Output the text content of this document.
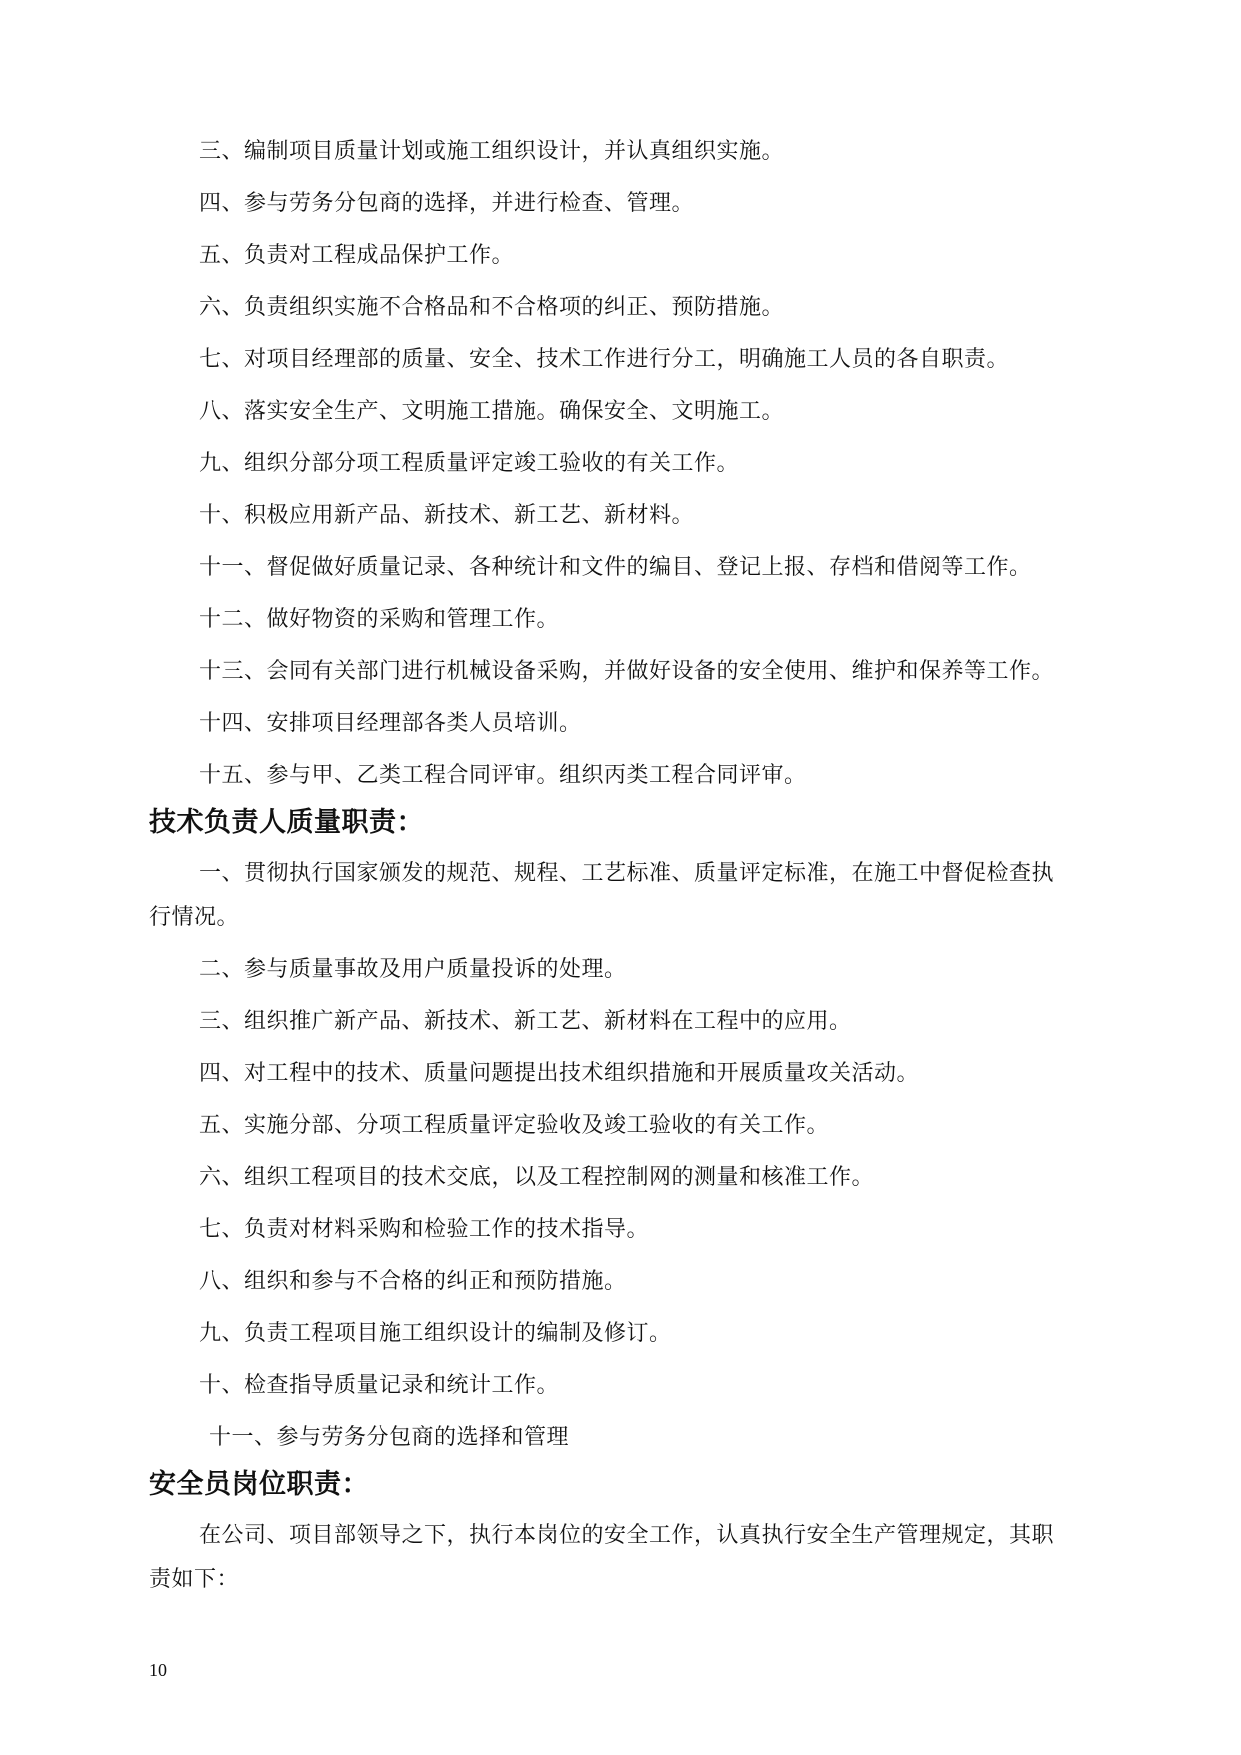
三、编制项目质量计划或施工组织设计，并认真组织实施。

四、参与劳务分包商的选择，并进行检查、管理。

五、负责对工程成品保护工作。

六、负责组织实施不合格品和不合格项的纠正、预防措施。

七、对项目经理部的质量、安全、技术工作进行分工，明确施工人员的各自职责。

八、落实安全生产、文明施工措施。确保安全、文明施工。

九、组织分部分项工程质量评定竣工验收的有关工作。

十、积极应用新产品、新技术、新工艺、新材料。

十一、督促做好质量记录、各种统计和文件的编目、登记上报、存档和借阅等工作。

十二、做好物资的采购和管理工作。

十三、会同有关部门进行机械设备采购，并做好设备的安全使用、维护和保养等工作。

十四、安排项目经理部各类人员培训。

十五、参与甲、乙类工程合同评审。组织丙类工程合同评审。

技术负责人质量职责：

一、贯彻执行国家颁发的规范、规程、工艺标准、质量评定标准，在施工中督促检查执

行情况。

二、参与质量事故及用户质量投诉的处理。

三、组织推广新产品、新技术、新工艺、新材料在工程中的应用。

四、对工程中的技术、质量问题提出技术组织措施和开展质量攻关活动。

五、实施分部、分项工程质量评定验收及竣工验收的有关工作。

六、组织工程项目的技术交底，以及工程控制网的测量和核准工作。

七、负责对材料采购和检验工作的技术指导。

八、组织和参与不合格的纠正和预防措施。

九、负责工程项目施工组织设计的编制及修订。

十、检查指导质量记录和统计工作。

十一、参与劳务分包商的选择和管理

安全员岗位职责：

在公司、项目部领导之下，执行本岗位的安全工作，认真执行安全生产管理规定，其职

责如下：

10
